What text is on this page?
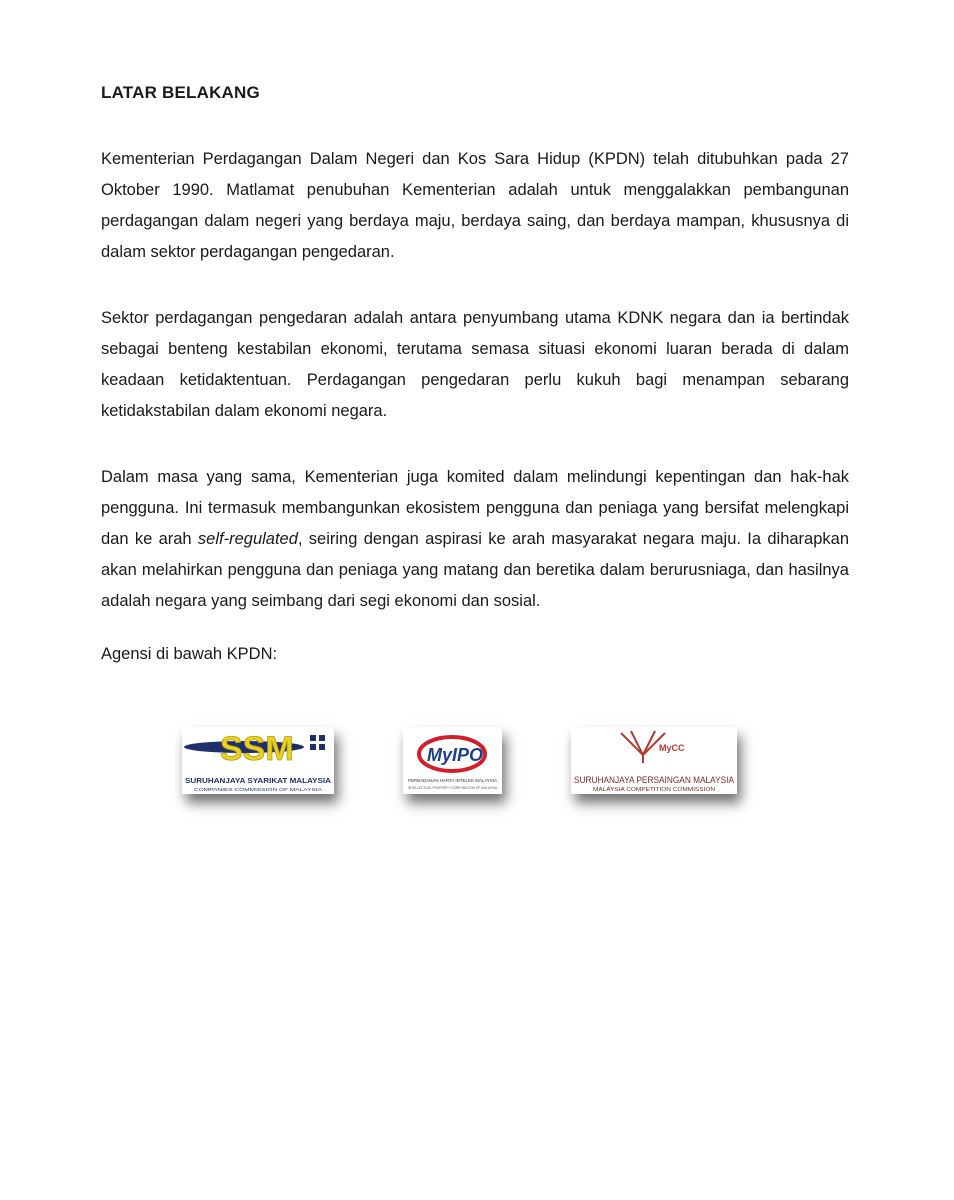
LATAR BELAKANG

Kementerian Perdagangan Dalam Negeri dan Kos Sara Hidup (KPDN) telah ditubuhkan pada 27 Oktober 1990. Matlamat penubuhan Kementerian adalah untuk menggalakkan pembangunan perdagangan dalam negeri yang berdaya maju, berdaya saing, dan berdaya mampan, khususnya di dalam sektor perdagangan pengedaran.

Sektor perdagangan pengedaran adalah antara penyumbang utama KDNK negara dan ia bertindak sebagai benteng kestabilan ekonomi, terutama semasa situasi ekonomi luaran berada di dalam keadaan ketidaktentuan. Perdagangan pengedaran perlu kukuh bagi menampan sebarang ketidakstabilan dalam ekonomi negara.

Dalam masa yang sama, Kementerian juga komited dalam melindungi kepentingan dan hak-hak pengguna. Ini termasuk membangunkan ekosistem pengguna dan peniaga yang bersifat melengkapi dan ke arah self-regulated, seiring dengan aspirasi ke arah masyarakat negara maju. Ia diharapkan akan melahirkan pengguna dan peniaga yang matang dan beretika dalam berurusniaga, dan hasilnya adalah negara yang seimbang dari segi ekonomi dan sosial.

Agensi di bawah KPDN:

SSM
SURUHANJAYA SYARIKAT MALAYSIA
COMPANIES COMMISSION OF MALAYSIA
MyIPO
PERBADANAN HARTA INTELEK MALAYSIA
INTELLECTUAL PROPERTY CORPORATION OF MALAYSIA
MyCC
SURUHANJAYA PERSAINGAN MALAYSIA
MALAYSIA COMPETITION COMMISSION
